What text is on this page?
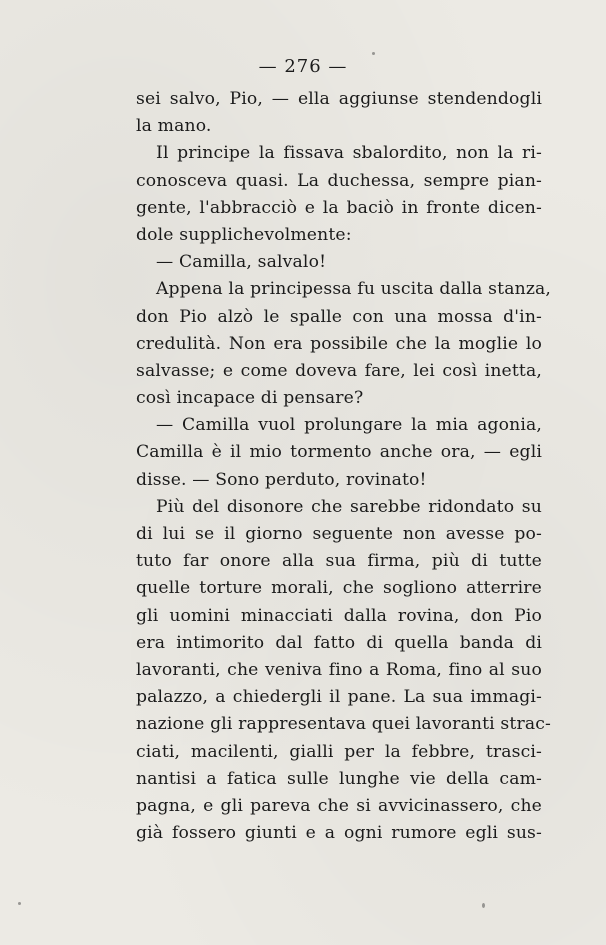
— 276 —
sei salvo, Pio, — ella aggiunse stendendogli
la mano.
Il principe la fissava sbalordito, non la ri-
conosceva quasi. La duchessa, sempre pian-
gente, l'abbracciò e la baciò in fronte dicen-
dole supplichevolmente:
— Camilla, salvalo!
Appena la principessa fu uscita dalla stanza,
don Pio alzò le spalle con una mossa d'in-
credulità. Non era possibile che la moglie lo
salvasse; e come doveva fare, lei così inetta,
così incapace di pensare?
— Camilla vuol prolungare la mia agonia,
Camilla è il mio tormento anche ora, — egli
disse. — Sono perduto, rovinato!
Più del disonore che sarebbe ridondato su
di lui se il giorno seguente non avesse po-
tuto far onore alla sua firma, più di tutte
quelle torture morali, che sogliono atterrire
gli uomini minacciati dalla rovina, don Pio
era intimorito dal fatto di quella banda di
lavoranti, che veniva fino a Roma, fino al suo
palazzo, a chiedergli il pane. La sua immagi-
nazione gli rappresentava quei lavoranti strac-
ciati, macilenti, gialli per la febbre, trasci-
nantisi a fatica sulle lunghe vie della cam-
pagna, e gli pareva che si avvicinassero, che
già fossero giunti e a ogni rumore egli sus-
